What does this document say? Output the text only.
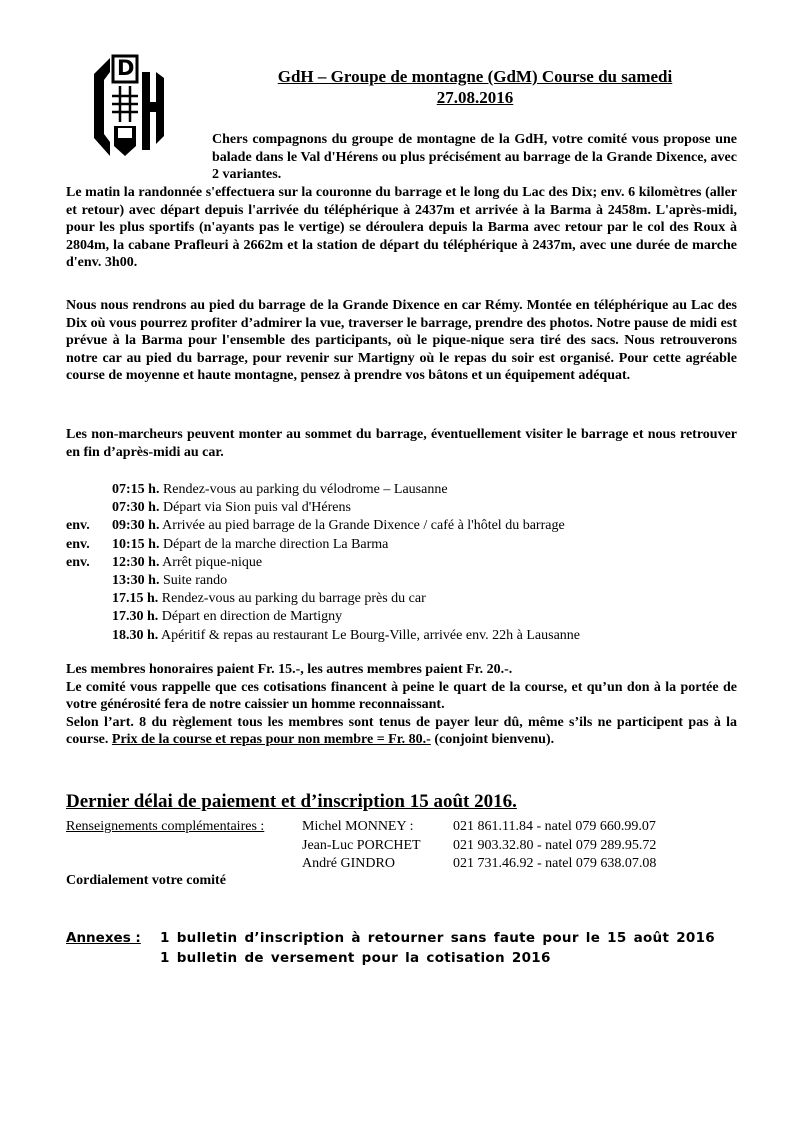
D	GdH – Groupe de montagne (GdM) Course du samedi
27.08.2016
Chers compagnons du groupe de montagne de la GdH, votre comité vous propose une balade dans le Val d'Hérens ou plus précisément au barrage de la Grande Dixence, avec 2 variantes.
Le matin la randonnée s'effectuera sur la couronne du barrage et le long du Lac des Dix; env. 6 kilomètres (aller et retour) avec départ depuis l'arrivée du téléphérique à 2437m et arrivée à la Barma à 2458m. L'après-midi, pour les plus sportifs (n'ayants pas le vertige) se déroulera depuis la Barma avec retour par le col des Roux à 2804m, la cabane Prafleuri à 2662m et la station de départ du téléphérique à 2437m, avec une durée de marche d'env. 3h00.
Nous nous rendrons au pied du barrage de la Grande Dixence en car Rémy. Montée en téléphérique au Lac des Dix où vous pourrez profiter d’admirer la vue, traverser le barrage, prendre des photos. Notre pause de midi est prévue à la Barma pour l'ensemble des participants, où le pique-nique sera tiré des sacs. Nous retrouverons notre car au pied du barrage, pour revenir sur Martigny où le repas du soir est organisé. Pour cette agréable course de moyenne et haute montagne, pensez à prendre vos bâtons et un équipement adéquat.
Les non-marcheurs peuvent monter au sommet du barrage, éventuellement visiter le barrage et nous retrouver en fin d’après-midi au car.
07:15 h. Rendez-vous au parking du vélodrome – Lausanne
07:30 h. Départ via Sion puis val d'Hérens
env. 09:30 h. Arrivée au pied barrage de la Grande Dixence / café à l'hôtel du barrage
env. 10:15 h. Départ de la marche direction La Barma
env. 12:30 h. Arrêt pique-nique
13:30 h. Suite rando
17.15 h. Rendez-vous au parking du barrage près du car
17.30 h. Départ en direction de Martigny
18.30 h. Apéritif & repas au restaurant Le Bourg-Ville, arrivée env. 22h à Lausanne
Les membres honoraires paient Fr. 15.-, les autres membres paient Fr. 20.-.
Le comité vous rappelle que ces cotisations financent à peine le quart de la course, et qu’un don à la portée de votre générosité fera de notre caissier un homme reconnaissant.
Selon l’art. 8 du règlement tous les membres sont tenus de payer leur dû, même s’ils ne participent pas à la course. Prix de la course et repas pour non membre = Fr. 80.- (conjoint bienvenu).
Dernier délai de paiement et d’inscription 15 août 2016.
Renseignements complémentaires :	Michel MONNEY :	021 861.11.84 - natel 079 660.99.07
Jean-Luc PORCHET 021 903.32.80 - natel 079 289.95.72
André GINDRO	021 731.46.92 - natel 079 638.07.08
Cordialement votre comité
Annexes : 1 bulletin d’inscription à retourner sans faute pour le 15 août 2016
1 bulletin de versement pour la cotisation 2016
